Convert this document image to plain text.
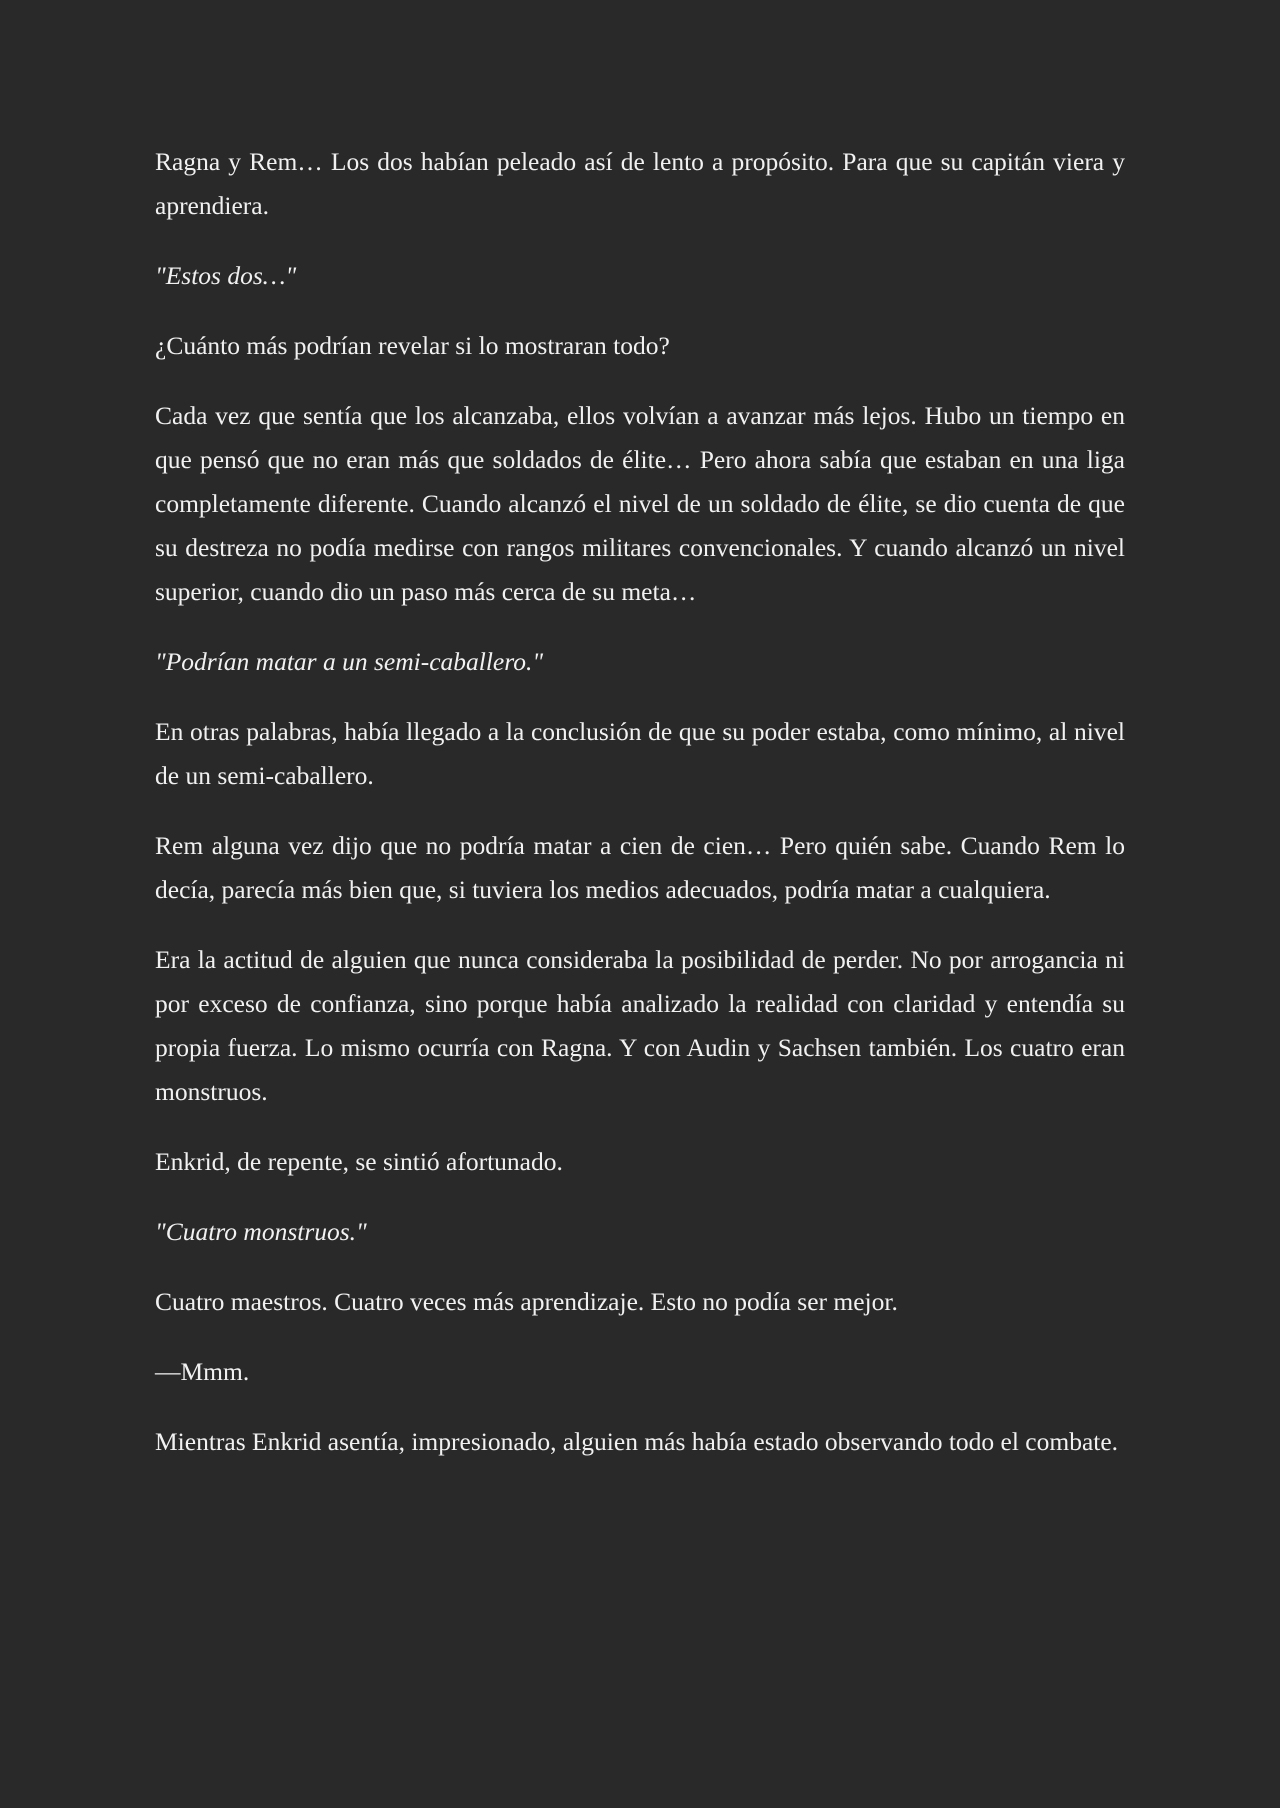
Ragna y Rem… Los dos habían peleado así de lento a propósito. Para que su capitán viera y aprendiera.

"Estos dos…"

¿Cuánto más podrían revelar si lo mostraran todo?

Cada vez que sentía que los alcanzaba, ellos volvían a avanzar más lejos. Hubo un tiempo en que pensó que no eran más que soldados de élite… Pero ahora sabía que estaban en una liga completamente diferente. Cuando alcanzó el nivel de un soldado de élite, se dio cuenta de que su destreza no podía medirse con rangos militares convencionales. Y cuando alcanzó un nivel superior, cuando dio un paso más cerca de su meta…

"Podrían matar a un semi-caballero."

En otras palabras, había llegado a la conclusión de que su poder estaba, como mínimo, al nivel de un semi-caballero.

Rem alguna vez dijo que no podría matar a cien de cien… Pero quién sabe. Cuando Rem lo decía, parecía más bien que, si tuviera los medios adecuados, podría matar a cualquiera.

Era la actitud de alguien que nunca consideraba la posibilidad de perder. No por arrogancia ni por exceso de confianza, sino porque había analizado la realidad con claridad y entendía su propia fuerza. Lo mismo ocurría con Ragna. Y con Audin y Sachsen también. Los cuatro eran monstruos.

Enkrid, de repente, se sintió afortunado.

"Cuatro monstruos."

Cuatro maestros. Cuatro veces más aprendizaje. Esto no podía ser mejor.

—Mmm.

Mientras Enkrid asentía, impresionado, alguien más había estado observando todo el combate.
